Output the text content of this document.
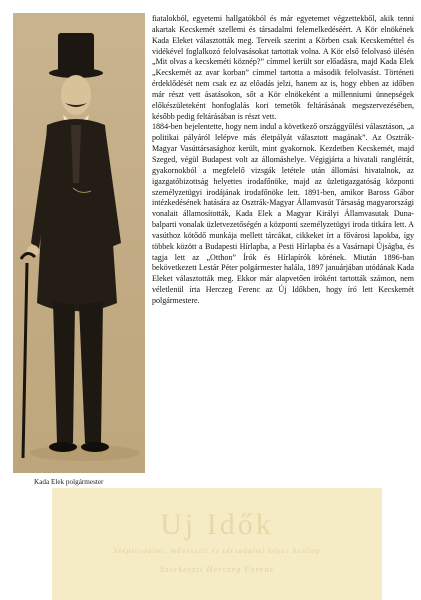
Kada Elek polgármester

fiatalokból, egyetemi hallgatókból és már egyetemet végzettekből, akik tenni akartak Kecskemét szellemi és társadalmi felemelkedéséért. A Kör elnökének Kada Eleket választották meg. Terveik szerint a Körben csak Kecskeméttel és vidékével foglalkozó felolvasásokat tartottak volna. A Kör első felolvasó ülésén „Mit olvas a kecskeméti köznép?” címmel került sor előadásra, majd Kada Elek „Kecskemét az avar korban” címmel tartotta a második felolvasást. Történeti érdeklődését nem csak ez az előadás jelzi, hanem az is, hogy ebben az időben már részt vett ásatásokon, sőt a Kör elnökeként a millenniumi ünnepségek előkészületeként honfoglalás kori temetők feltárásának megszervezésében, később pedig feltárásában is részt vett.

1884-ben bejelentette, hogy nem indul a következő országgyűlési választáson, „a politikai pályáról lelépve más életpályát választott magának”. Az Osztrák-Magyar Vasúttársasághoz került, mint gyakornok. Kezdetben Kecskemét, majd Szeged, végül Budapest volt az állomáshelye. Végigjárta a hivatali ranglétrát, gyakornokból a megfelelő vizsgák letétele után állomási hivatalnok, az igazgatóbizottság helyettes irodafőnöke, majd az üzletigazgatóság központi személyzetügyi irodájának irodafőnöke lett. 1891-ben, amikor Baross Gábor intézkedésének hatására az Osztrák-Magyar Államvasút Társaság magyarországi vonalait államosították, Kada Elek a Magyar Királyi Államvasutak Duna-balparti vonalak üzletvezetőségén a központi személyzetügyi iroda titkára lett. A vasúthoz kötődő munkája mellett tárcákat, cikkeket írt a fővárosi lapokba, így többek között a Budapesti Hírlapba, a Pesti Hírlapba és a Vasárnapi Újságba, és tagja lett az „Otthon” Írók és Hírlapírók körének. Miután 1896-ban bekövetkezett Lestár Péter polgármester halála, 1897 januárjában utódának Kada Eleket választották meg. Ekkor már alapvetően iróként tartották számon, nem véletlenül írta Herczeg Ferenc az Új Időkben, hogy író lett Kecskemét polgármestere.

Uj Idők
Szépirodalmi, művészeti és társadalmi képes hetilap
Szerkeszti Herczeg Ferenc
